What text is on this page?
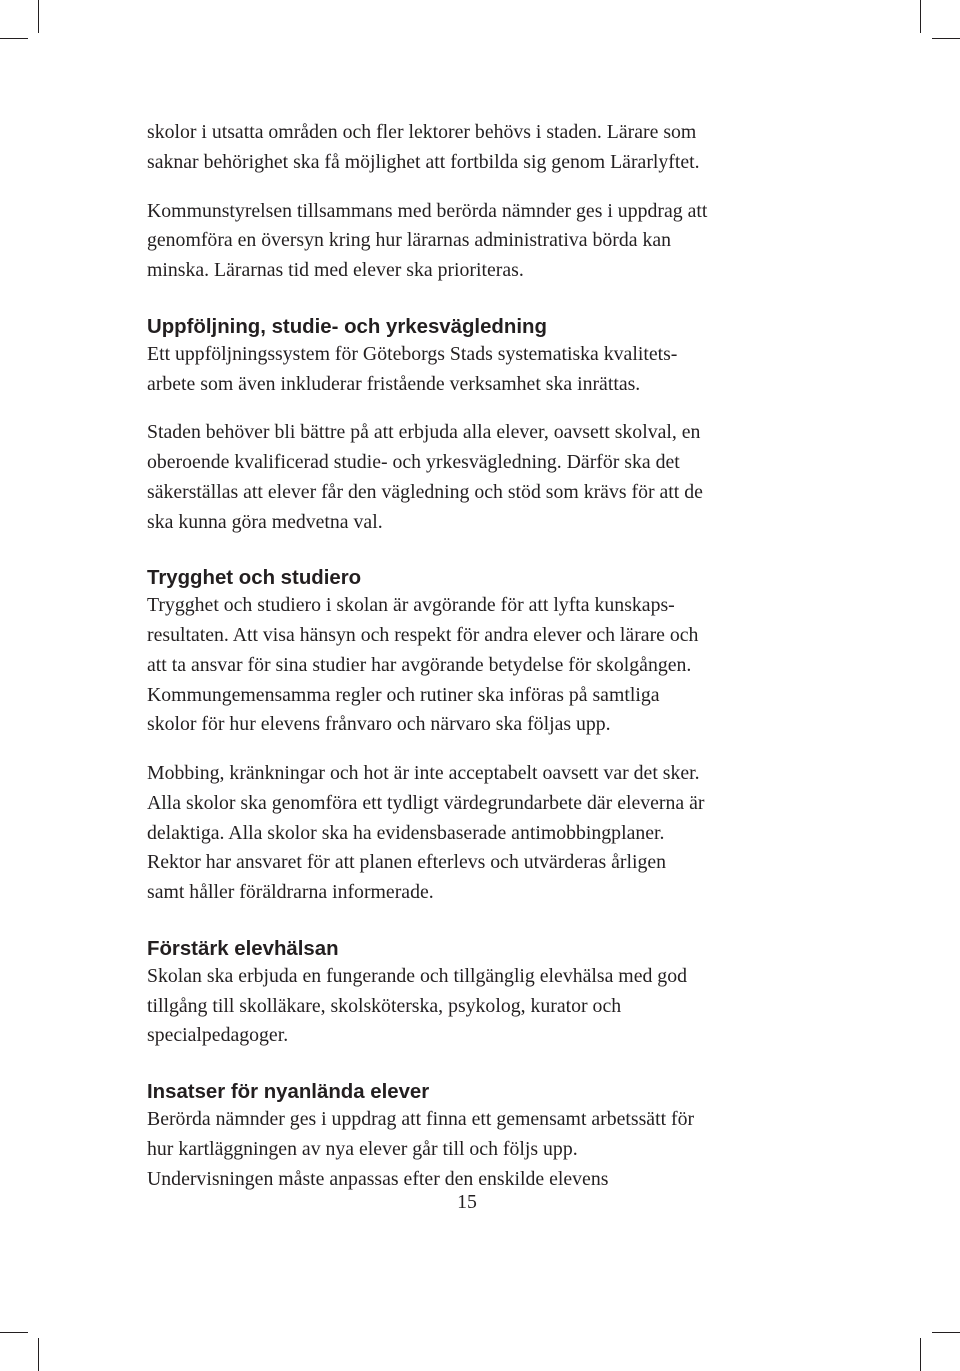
skolor i utsatta områden och fler lektorer behövs i staden. Lärare som
saknar behörighet ska få möjlighet att fortbilda sig genom Lärarlyftet.

Kommunstyrelsen tillsammans med berörda nämnder ges i uppdrag att
genomföra en översyn kring hur lärarnas administrativa börda kan
minska. Lärarnas tid med elever ska prioriteras.

Uppföljning, studie- och yrkesvägledning

Ett uppföljningssystem för Göteborgs Stads systematiska kvalitets-
arbete som även inkluderar fristående verksamhet ska inrättas.

Staden behöver bli bättre på att erbjuda alla elever, oavsett skolval, en
oberoende kvalificerad studie- och yrkesvägledning. Därför ska det
säkerställas att elever får den vägledning och stöd som krävs för att de
ska kunna göra medvetna val.

Trygghet och studiero

Trygghet och studiero i skolan är avgörande för att lyfta kunskaps-
resultaten. Att visa hänsyn och respekt för andra elever och lärare och
att ta ansvar för sina studier har avgörande betydelse för skolgången.
Kommungemensamma regler och rutiner ska införas på samtliga
skolor för hur elevens frånvaro och närvaro ska följas upp.

Mobbing, kränkningar och hot är inte acceptabelt oavsett var det sker.
Alla skolor ska genomföra ett tydligt värdegrundarbete där eleverna är
delaktiga. Alla skolor ska ha evidensbaserade antimobbingplaner.
Rektor har ansvaret för att planen efterlevs och utvärderas årligen
samt håller föräldrarna informerade.

Förstärk elevhälsan

Skolan ska erbjuda en fungerande och tillgänglig elevhälsa med god
tillgång till skolläkare, skolsköterska, psykolog, kurator och
specialpedagoger.

Insatser för nyanlända elever

Berörda nämnder ges i uppdrag att finna ett gemensamt arbetssätt för
hur kartläggningen av nya elever går till och följs upp.
Undervisningen måste anpassas efter den enskilde elevens

15
